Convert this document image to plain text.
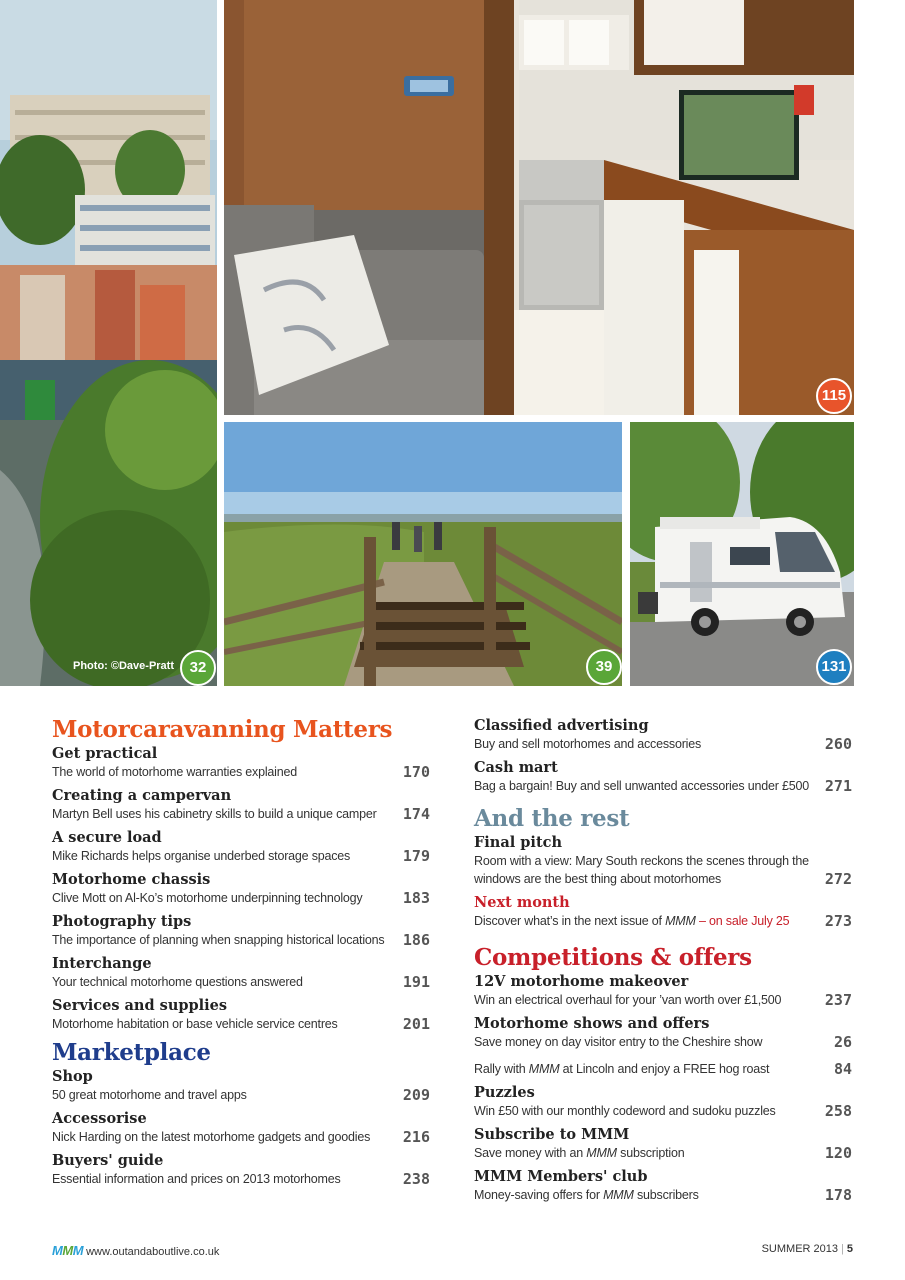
Photo: ©Dave-Pratt	32
115
39	131
Motorcaravanning Matters
Get practical
The world of motorhome warranties explained	170
Creating a campervan
Martyn Bell uses his cabinetry skills to build a unique camper	174
A secure load
Mike Richards helps organise underbed storage spaces	179
Motorhome chassis
Clive Mott on Al-Ko’s motorhome underpinning technology	183
Photography tips
The importance of planning when snapping historical locations	186
Interchange
Your technical motorhome questions answered	191
Services and supplies
Motorhome habitation or base vehicle service centres	201
Marketplace
Shop
50 great motorhome and travel apps	209
Accessorise
Nick Harding on the latest motorhome gadgets and goodies	216
Buyers' guide
Essential information and prices on 2013 motorhomes	238
Classified advertising
Buy and sell motorhomes and accessories	260
Cash mart
Bag a bargain! Buy and sell unwanted accessories under £500	271
And the rest
Final pitch
Room with a view: Mary South reckons the scenes through the
windows are the best thing about motorhomes	272
Next month
Discover what’s in the next issue of MMM – on sale July 25	273
Competitions & offers
12V motorhome makeover
Win an electrical overhaul for your ’van worth over £1,500	237
Motorhome shows and offers
Save money on day visitor entry to the Cheshire show	26
Rally with MMM at Lincoln and enjoy a FREE hog roast	84
Puzzles
Win £50 with our monthly codeword and sudoku puzzles	258
Subscribe to MMM
Save money with an MMM subscription	120
MMM Members' club
Money-saving offers for MMM subscribers	178
MMM www.outandaboutlive.co.uk	SUMMER 2013 | 5
